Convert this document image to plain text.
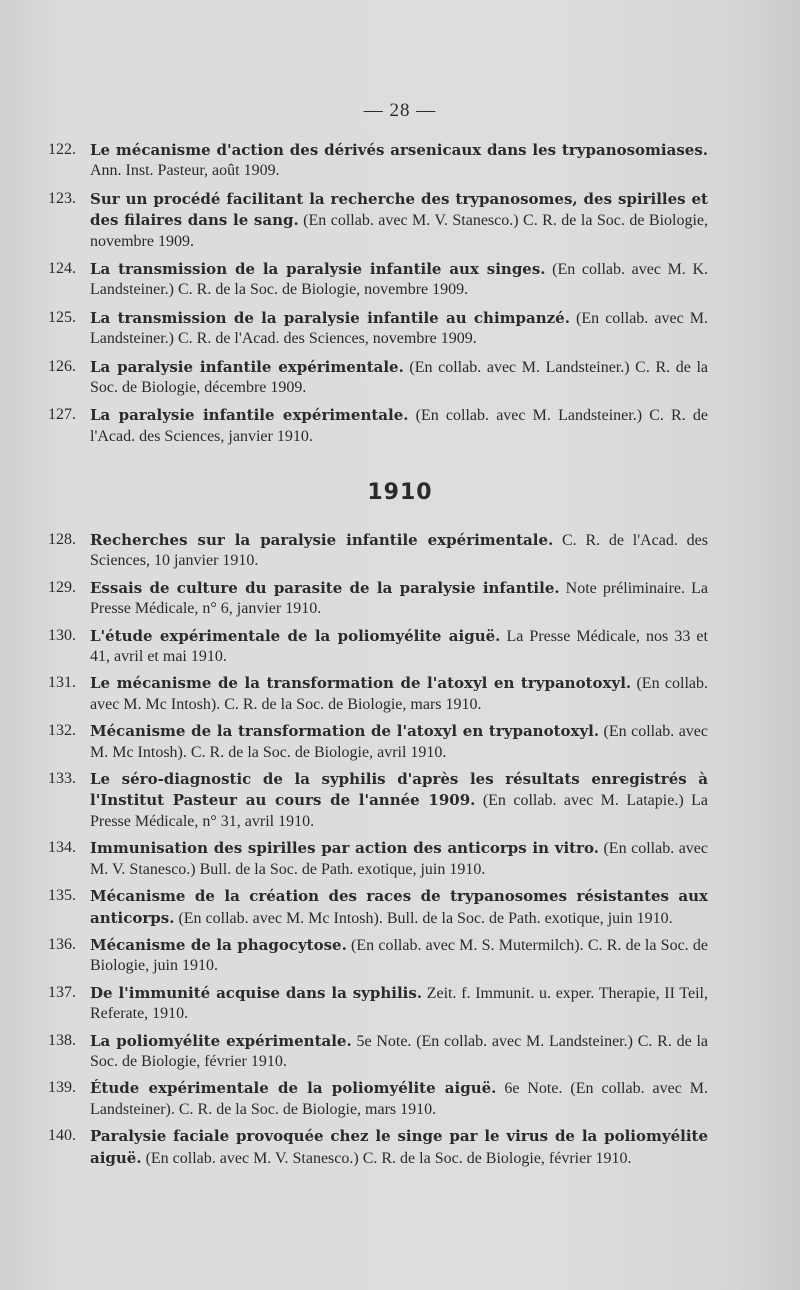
— 28 —
122. Le mécanisme d'action des dérivés arsenicaux dans les trypanosomiases. Ann. Inst. Pasteur, août 1909.
123. Sur un procédé facilitant la recherche des trypanosomes, des spirilles et des filaires dans le sang. (En collab. avec M. V. Stanesco.) C. R. de la Soc. de Biologie, novembre 1909.
124. La transmission de la paralysie infantile aux singes. (En collab. avec M. K. Landsteiner.) C. R. de la Soc. de Biologie, novembre 1909.
125. La transmission de la paralysie infantile au chimpanzé. (En collab. avec M. Landsteiner.) C. R. de l'Acad. des Sciences, novembre 1909.
126. La paralysie infantile expérimentale. (En collab. avec M. Landsteiner.) C. R. de la Soc. de Biologie, décembre 1909.
127. La paralysie infantile expérimentale. (En collab. avec M. Landsteiner.) C. R. de l'Acad. des Sciences, janvier 1910.
1910
128. Recherches sur la paralysie infantile expérimentale. C. R. de l'Acad. des Sciences, 10 janvier 1910.
129. Essais de culture du parasite de la paralysie infantile. Note préliminaire. La Presse Médicale, n° 6, janvier 1910.
130. L'étude expérimentale de la poliomyélite aiguë. La Presse Médicale, nos 33 et 41, avril et mai 1910.
131. Le mécanisme de la transformation de l'atoxyl en trypanotoxyl. (En collab. avec M. Mc Intosh). C. R. de la Soc. de Biologie, mars 1910.
132. Mécanisme de la transformation de l'atoxyl en trypanotoxyl. (En collab. avec M. Mc Intosh). C. R. de la Soc. de Biologie, avril 1910.
133. Le séro-diagnostic de la syphilis d'après les résultats enregistrés à l'Institut Pasteur au cours de l'année 1909. (En collab. avec M. Latapie.) La Presse Médicale, n° 31, avril 1910.
134. Immunisation des spirilles par action des anticorps in vitro. (En collab. avec M. V. Stanesco.) Bull. de la Soc. de Path. exotique, juin 1910.
135. Mécanisme de la création des races de trypanosomes résistantes aux anticorps. (En collab. avec M. Mc Intosh). Bull. de la Soc. de Path. exotique, juin 1910.
136. Mécanisme de la phagocytose. (En collab. avec M. S. Mutermilch). C. R. de la Soc. de Biologie, juin 1910.
137. De l'immunité acquise dans la syphilis. Zeit. f. Immunit. u. exper. Therapie, II Teil, Referate, 1910.
138. La poliomyélite expérimentale. 5e Note. (En collab. avec M. Landsteiner.) C. R. de la Soc. de Biologie, février 1910.
139. Étude expérimentale de la poliomyélite aiguë. 6e Note. (En collab. avec M. Landsteiner). C. R. de la Soc. de Biologie, mars 1910.
140. Paralysie faciale provoquée chez le singe par le virus de la poliomyélite aiguë. (En collab. avec M. V. Stanesco.) C. R. de la Soc. de Biologie, février 1910.
